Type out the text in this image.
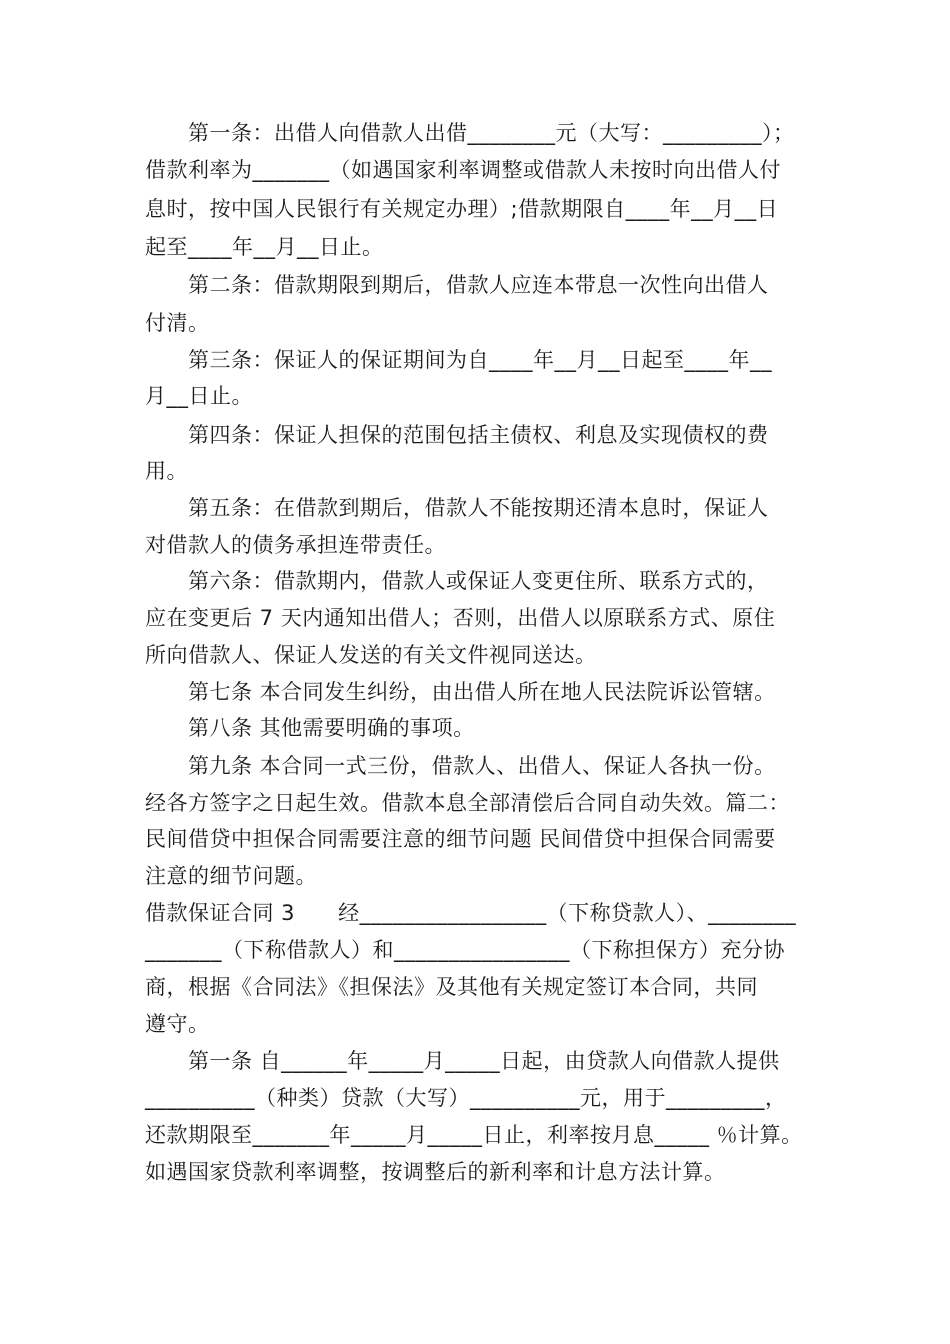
第一条：出借人向借款人出借________元（大写：_________）；
借款利率为_______（如遇国家利率调整或借款人未按时向出借人付
息时，按中国人民银行有关规定办理）;借款期限自____年__月__日
起至____年__月__日止。
第二条：借款期限到期后，借款人应连本带息一次性向出借人
付清。
第三条：保证人的保证期间为自____年__月__日起至____年__
月__日止。
第四条：保证人担保的范围包括主债权、利息及实现债权的费
用。
第五条：在借款到期后，借款人不能按期还清本息时，保证人
对借款人的债务承担连带责任。
第六条：借款期内，借款人或保证人变更住所、联系方式的，
应在变更后 7 天内通知出借人；否则，出借人以原联系方式、原住
所向借款人、保证人发送的有关文件视同送达。
第七条 本合同发生纠纷，由出借人所在地人民法院诉讼管辖。
第八条 其他需要明确的事项。
第九条 本合同一式三份，借款人、出借人、保证人各执一份。
经各方签字之日起生效。借款本息全部清偿后合同自动失效。篇二：
民间借贷中担保合同需要注意的细节问题 民间借贷中担保合同需要
注意的细节问题。
借款保证合同 3      经_________________（下称贷款人）、________
_______（下称借款人）和________________（下称担保方）充分协
商，根据《合同法》《担保法》及其他有关规定签订本合同，共同
遵守。
第一条 自______年_____月_____日起，由贷款人向借款人提供
__________（种类）贷款（大写）__________元，用于_________，
还款期限至_______年_____月_____日止，利率按月息_____ ％计算。
如遇国家贷款利率调整，按调整后的新利率和计息方法计算。
